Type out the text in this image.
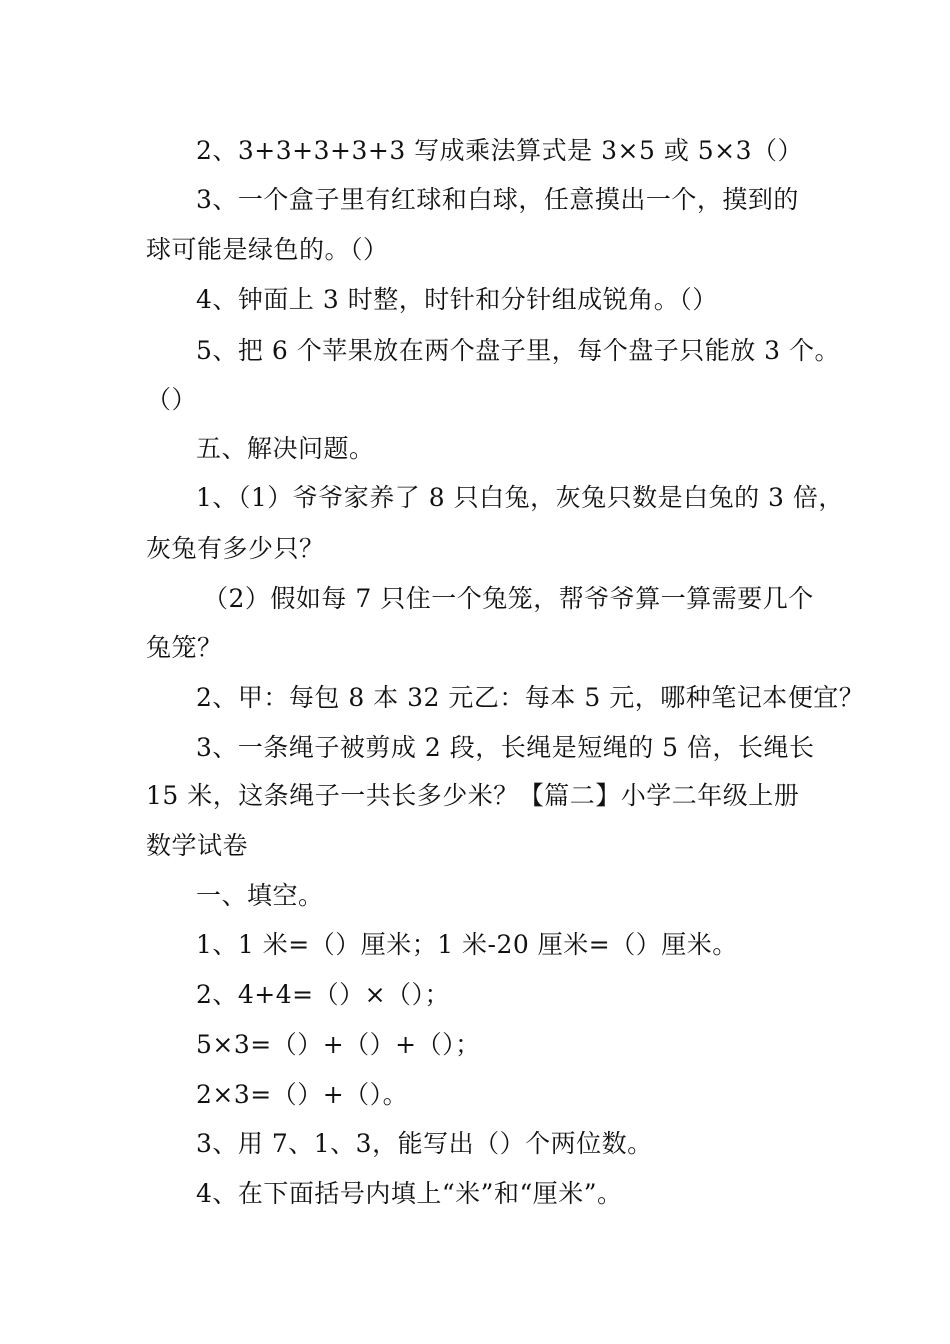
2、3+3+3+3+3 写成乘法算式是 3×5 或 5×3（）
3、一个盒子里有红球和白球，任意摸出一个，摸到的
球可能是绿色的。（）
4、钟面上 3 时整，时针和分针组成锐角。（）
5、把 6 个苹果放在两个盘子里，每个盘子只能放 3 个。
（）
五、解决问题。
1、（1）爷爷家养了 8 只白兔，灰兔只数是白兔的 3 倍，
灰兔有多少只？
（2）假如每 7 只住一个兔笼，帮爷爷算一算需要几个
兔笼？
2、甲：每包 8 本 32 元乙：每本 5 元，哪种笔记本便宜？
3、一条绳子被剪成 2 段，长绳是短绳的 5 倍，长绳长
15 米，这条绳子一共长多少米？【篇二】小学二年级上册
数学试卷
一、填空。
1、1 米=（）厘米；1 米-20 厘米=（）厘米。
2、4+4=（）×（）；
5×3=（）+（）+（）；
2×3=（）+（）。
3、用 7、1、3，能写出（）个两位数。
4、在下面括号内填上“米”和“厘米”。
